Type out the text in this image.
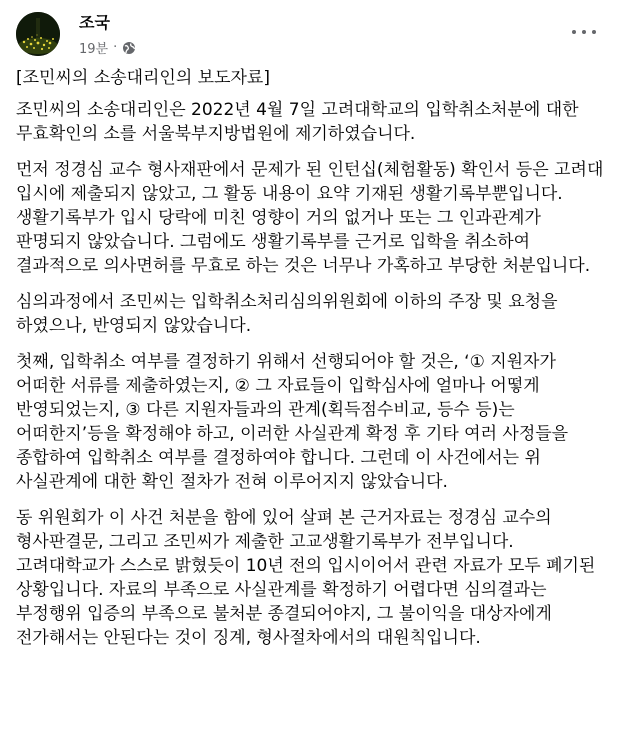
조국
19분 ·

[조민씨의 소송대리인의 보도자료]

조민씨의 소송대리인은 2022년 4월 7일 고려대학교의 입학취소처분에 대한 무효확인의 소를 서울북부지방법원에 제기하였습니다.

먼저 정경심 교수 형사재판에서 문제가 된 인턴십(체험활동) 확인서 등은 고려대 입시에 제출되지 않았고, 그 활동 내용이 요약 기재된 생활기록부뿐입니다. 생활기록부가 입시 당락에 미친 영향이 거의 없거나 또는 그 인과관계가 판명되지 않았습니다. 그럼에도 생활기록부를 근거로 입학을 취소하여 결과적으로 의사면허를 무효로 하는 것은 너무나 가혹하고 부당한 처분입니다.

심의과정에서 조민씨는 입학취소처리심의위원회에 이하의 주장 및 요청을 하였으나, 반영되지 않았습니다.

첫째, 입학취소 여부를 결정하기 위해서 선행되어야 할 것은, ‘① 지원자가 어떠한 서류를 제출하였는지, ② 그 자료들이 입학심사에 얼마나 어떻게 반영되었는지, ③ 다른 지원자들과의 관계(획득점수비교, 등수 등)는 어떠한지’등을 확정해야 하고, 이러한 사실관계 확정 후 기타 여러 사정들을 종합하여 입학취소 여부를 결정하여야 합니다. 그런데 이 사건에서는 위 사실관계에 대한 확인 절차가 전혀 이루어지지 않았습니다.

동 위원회가 이 사건 처분을 함에 있어 살펴 본 근거자료는 정경심 교수의 형사판결문, 그리고 조민씨가 제출한 고교생활기록부가 전부입니다. 고려대학교가 스스로 밝혔듯이 10년 전의 입시이어서 관련 자료가 모두 폐기된 상황입니다. 자료의 부족으로 사실관계를 확정하기 어렵다면 심의결과는 부정행위 입증의 부족으로 불처분 종결되어야지, 그 불이익을 대상자에게 전가해서는 안된다는 것이 징계, 형사절차에서의 대원칙입니다.
